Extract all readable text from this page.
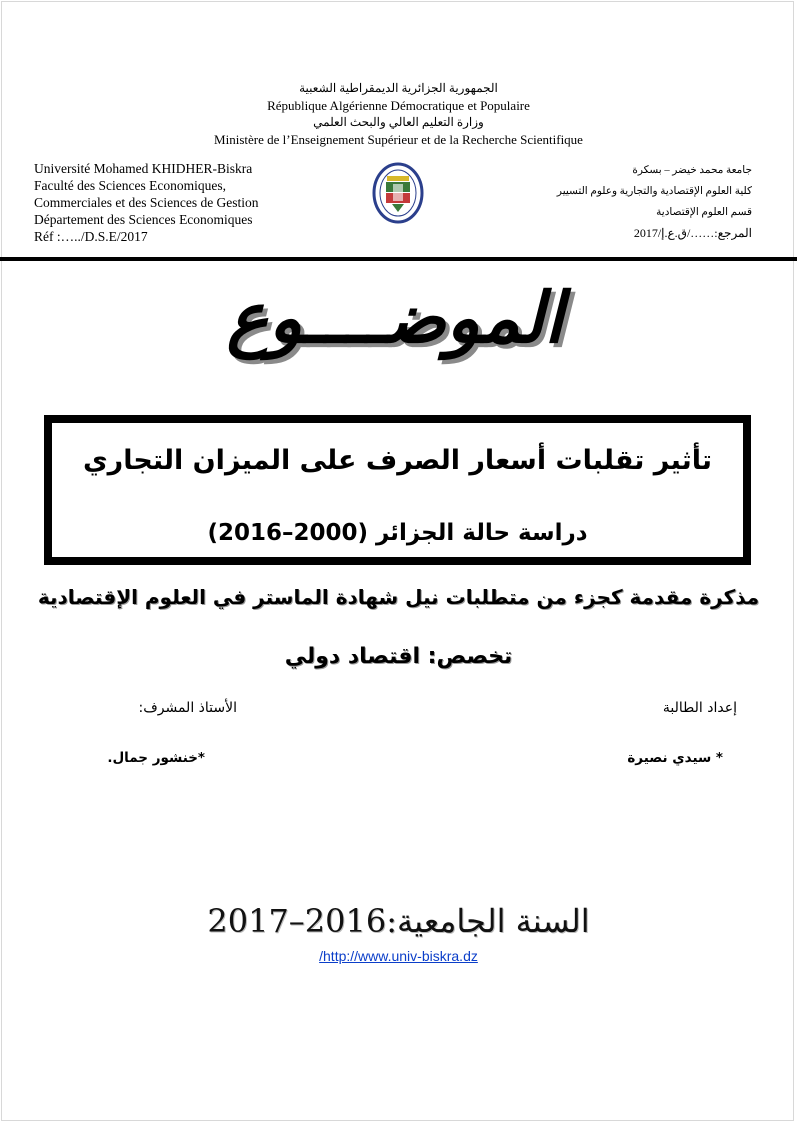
الجمهورية الجزائرية الديمقراطية الشعبية
République Algérienne Démocratique et Populaire
وزارة التعليم العالي والبحث العلمي
Ministère de l’Enseignement Supérieur et de la Recherche Scientifique
Université Mohamed KHIDHER-Biskra
Faculté des Sciences Economiques,
Commerciales et des Sciences de Gestion
Département des Sciences Economiques
Réf :…../D.S.E/2017
جامعة محمد خيضر – بسكرة
كلية العلوم الإقتصادية والتجارية وعلوم التسيير
قسم العلوم الإقتصادية
المرجع:……/ق.ع.إ/2017
الموضــــوع
تأثير تقلبات أسعار الصرف على الميزان التجاري
دراسة حالة الجزائر (2000–2016)
مذكرة مقدمة كجزء من متطلبات نيل شهادة الماستر في العلوم الإقتصادية
تخصص: اقتصاد دولي
إعداد الطالبة
الأستاذ المشرف:
* سيدي نصيرة
*خنشور جمال.
السنة الجامعية:2016–2017
/http://www.univ-biskra.dz
